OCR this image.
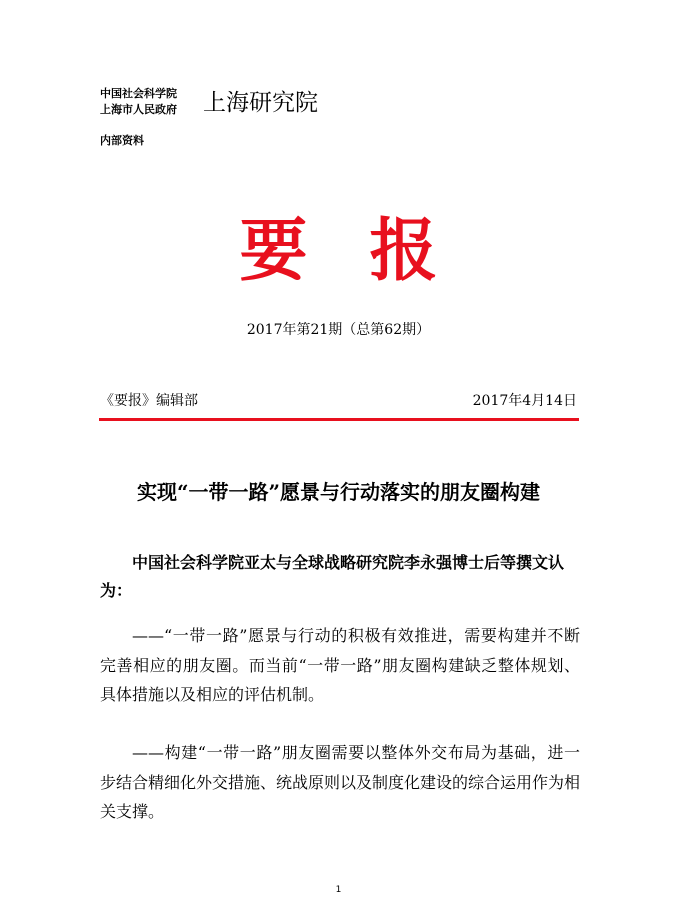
中国社会科学院
上海市人民政府 上海研究院
内部资料
要报
2017年第21期（总第62期）
《要报》编辑部	2017年4月14日
实现“一带一路”愿景与行动落实的朋友圈构建

中国社会科学院亚太与全球战略研究院李永强博士后等撰文认为：

——“一带一路”愿景与行动的积极有效推进，需要构建并不断完善相应的朋友圈。而当前“一带一路”朋友圈构建缺乏整体规划、具体措施以及相应的评估机制。

——构建“一带一路”朋友圈需要以整体外交布局为基础，进一步结合精细化外交措施、统战原则以及制度化建设的综合运用作为相关支撑。

1
